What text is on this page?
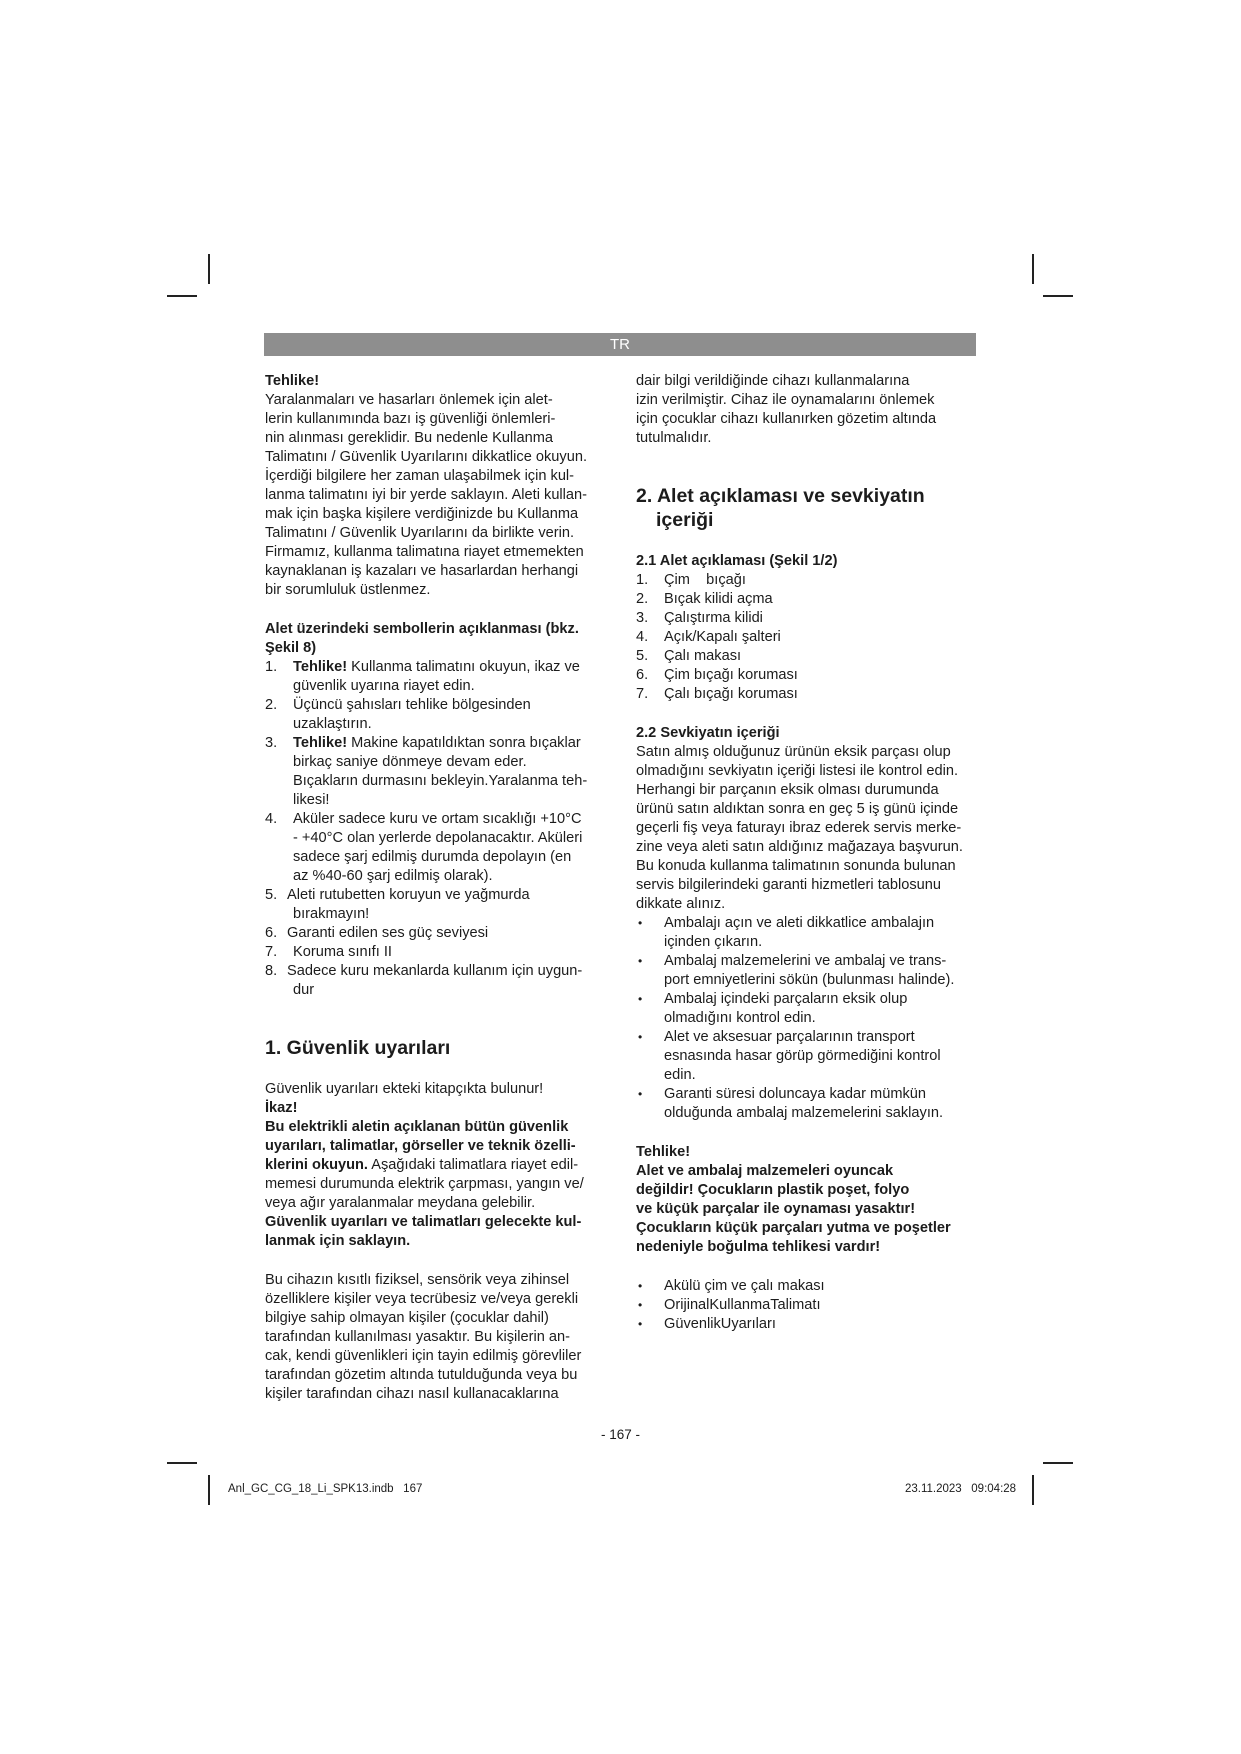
TR

Tehlike!

Yaralanmaları ve hasarları önlemek için alet-

lerin kullanımında bazı iş güvenliği önlemleri-

nin alınması gereklidir. Bu nedenle Kullanma

Talimatını / Güvenlik Uyarılarını dikkatlice okuyun.

İçerdiği bilgilere her zaman ulaşabilmek için kul-

lanma talimatını iyi bir yerde saklayın. Aleti kullan-

mak için başka kişilere verdiğinizde bu Kullanma

Talimatını / Güvenlik Uyarılarını da birlikte verin.

Firmamız, kullanma talimatına riayet etmemekten

kaynaklanan iş kazaları ve hasarlardan herhangi

bir sorumluluk üstlenmez.

Alet üzerindeki sembollerin açıklanması (bkz.

Şekil 8)

1. Tehlike! Kullanma talimatını okuyun, ikaz ve
güvenlik uyarına riayet edin.
2. Üçüncü şahısları tehlike bölgesinden
uzaklaştırın.
3. Tehlike! Makine kapatıldıktan sonra bıçaklar
birkaç saniye dönmeye devam eder.
Bıçakların durmasını bekleyin.Yaralanma teh-
likesi!
4. Aküler sadece kuru ve ortam sıcaklığı +10°C
- +40°C olan yerlerde depolanacaktır. Aküleri
sadece şarj edilmiş durumda depolayın (en
az %40-60 şarj edilmiş olarak).
5. Aleti rutubetten koruyun ve yağmurda
bırakmayın!
6. Garanti edilen ses güç seviyesi
7. Koruma sınıfı II
8. Sadece kuru mekanlarda kullanım için uygun-
dur

1. Güvenlik uyarıları

Güvenlik uyarıları ekteki kitapçıkta bulunur!

İkaz!

Bu elektrikli aletin açıklanan bütün güvenlik

uyarıları, talimatlar, görseller ve teknik özelli-

klerini okuyun. Aşağıdaki talimatlara riayet edil-

memesi durumunda elektrik çarpması, yangın ve/

veya ağır yaralanmalar meydana gelebilir.

Güvenlik uyarıları ve talimatları gelecekte kul-

lanmak için saklayın.

Bu cihazın kısıtlı fiziksel, sensörik veya zihinsel

özelliklere kişiler veya tecrübesiz ve/veya gerekli

bilgiye sahip olmayan kişiler (çocuklar dahil)

tarafından kullanılması yasaktır. Bu kişilerin an-

cak, kendi güvenlikleri için tayin edilmiş görevliler

tarafından gözetim altında tutulduğunda veya bu

kişiler tarafından cihazı nasıl kullanacaklarına

dair bilgi verildiğinde cihazı kullanmalarına

izin verilmiştir. Cihaz ile oynamalarını önlemek

için çocuklar cihazı kullanırken gözetim altında

tutulmalıdır.

2. Alet açıklaması ve sevkiyatın

içeriği

2.1 Alet açıklaması (Şekil 1/2)

1. Çim    bıçağı
2. Bıçak kilidi açma
3. Çalıştırma kilidi
4. Açık/Kapalı şalteri
5. Çalı makası
6. Çim bıçağı koruması
7. Çalı bıçağı koruması

2.2 Sevkiyatın içeriği

Satın almış olduğunuz ürünün eksik parçası olup

olmadığını sevkiyatın içeriği listesi ile kontrol edin.

Herhangi bir parçanın eksik olması durumunda

ürünü satın aldıktan sonra en geç 5 iş günü içinde

geçerli fiş veya faturayı ibraz ederek servis merke-

zine veya aleti satın aldığınız mağazaya başvurun.

Bu konuda kullanma talimatının sonunda bulunan

servis bilgilerindeki garanti hizmetleri tablosunu

dikkate alınız.

• Ambalajı açın ve aleti dikkatlice ambalajın
içinden çıkarın.
• Ambalaj malzemelerini ve ambalaj ve trans-
port emniyetlerini sökün (bulunması halinde).
• Ambalaj içindeki parçaların eksik olup
olmadığını kontrol edin.
• Alet ve aksesuar parçalarının transport
esnasında hasar görüp görmediğini kontrol
edin.
• Garanti süresi doluncaya kadar mümkün
olduğunda ambalaj malzemelerini saklayın.

Tehlike!

Alet ve ambalaj malzemeleri oyuncak

değildir! Çocukların plastik poşet, folyo

ve küçük parçalar ile oynaması yasaktır!

Çocukların küçük parçaları yutma ve poşetler

nedeniyle boğulma tehlikesi vardır!

• Akülü çim ve çalı makası
• OrijinalKullanmaTalimatı
• GüvenlikUyarıları
- 167 -
Anl_GC_CG_18_Li_SPK13.indb   167	23.11.2023   09:04:28
